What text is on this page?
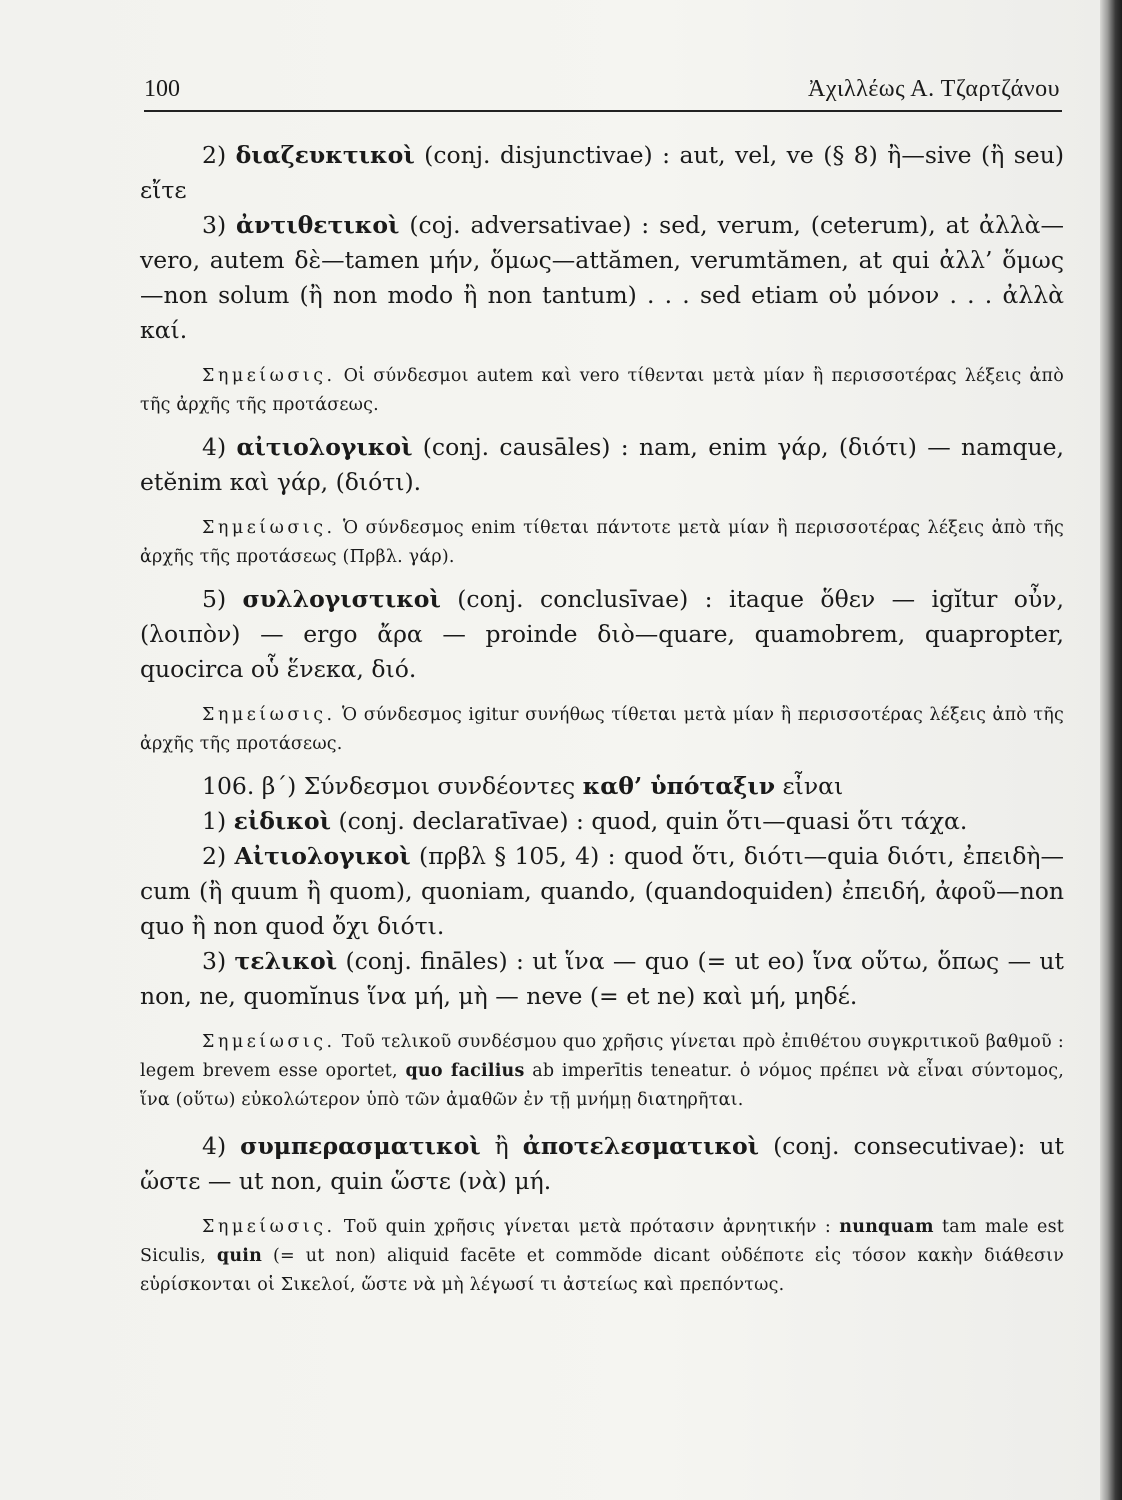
100	Ἀχιλλέως Α. Τζαρτζάνου

2) διαζευκτικοὶ (conj. disjunctivae) : aut, vel, ve (§ 8) ἢ—sive (ἢ seu) εἴτε

3) ἀντιθετικοὶ (coj. adversativae) : sed, verum, (ceterum), at ἀλλὰ—vero, autem δὲ—tamen μήν, ὅμως—attămen, verumtămen, at qui ἀλλ’ ὅμως—non solum (ἢ non modo ἢ non tantum) . . . sed etiam οὐ μόνον . . . ἀλλὰ καί.

Σημείωσις. Οἱ σύνδεσμοι autem καὶ vero τίθενται μετὰ μίαν ἢ περισσοτέρας λέξεις ἀπὸ τῆς ἀρχῆς τῆς προτάσεως.

4) αἰτιολογικοὶ (conj. causāles) : nam, enim γάρ, (διότι) — namque, etĕnim καὶ γάρ, (διότι).

Σημείωσις. Ὁ σύνδεσμος enim τίθεται πάντοτε μετὰ μίαν ἢ περισσοτέρας λέξεις ἀπὸ τῆς ἀρχῆς τῆς προτάσεως (Πρβλ. γάρ).

5) συλλογιστικοὶ (conj. conclusīvae) : itaque ὅθεν — igĭtur οὖν, (λοιπὸν) — ergo ἄρα — proinde διὸ—quare, quamobrem, quapropter, quocirca οὗ ἕνεκα, διό.

Σημείωσις. Ὁ σύνδεσμος igitur συνήθως τίθεται μετὰ μίαν ἢ περισσοτέρας λέξεις ἀπὸ τῆς ἀρχῆς τῆς προτάσεως.

106. β΄) Σύνδεσμοι συνδέοντες καθ’ ὑπόταξιν εἶναι

1) εἰδικοὶ (conj. declaratīvae) : quod, quin ὅτι—quasi ὅτι τάχα.

2) Αἰτιολογικοὶ (πρβλ § 105, 4) : quod ὅτι, διότι—quia διότι, ἐπειδὴ—cum (ἢ quum ἢ quom), quoniam, quando, (quandoquiden) ἐπειδή, ἀφοῦ—non quo ἢ non quod ὄχι διότι.

3) τελικοὶ (conj. fināles) : ut ἵνα — quo (= ut eo) ἵνα οὕτω, ὅπως — ut non, ne, quomĭnus ἵνα μή, μὴ — neve (= et ne) καὶ μή, μηδέ.

Σημείωσις. Τοῦ τελικοῦ συνδέσμου quo χρῆσις γίνεται πρὸ ἐπιθέτου συγκριτικοῦ βαθμοῦ : legem brevem esse oportet, quo facilius ab imperītis teneatur. ὁ νόμος πρέπει νὰ εἶναι σύντομος, ἵνα (οὕτω) εὐκολώτερον ὑπὸ τῶν ἀμαθῶν ἐν τῇ μνήμῃ διατηρῆται.

4) συμπερασματικοὶ ἢ ἀποτελεσματικοὶ (conj. consecutivae): ut ὥστε — ut non, quin ὥστε (νὰ) μή.

Σημείωσις. Τοῦ quin χρῆσις γίνεται μετὰ πρότασιν ἀρνητικήν : nunquam tam male est Siculis, quin (= ut non) aliquid facēte et commŏde dicant οὐδέποτε εἰς τόσον κακὴν διάθεσιν εὑρίσκονται οἱ Σικελοί, ὥστε νὰ μὴ λέγωσί τι ἀστείως καὶ πρεπόντως.
